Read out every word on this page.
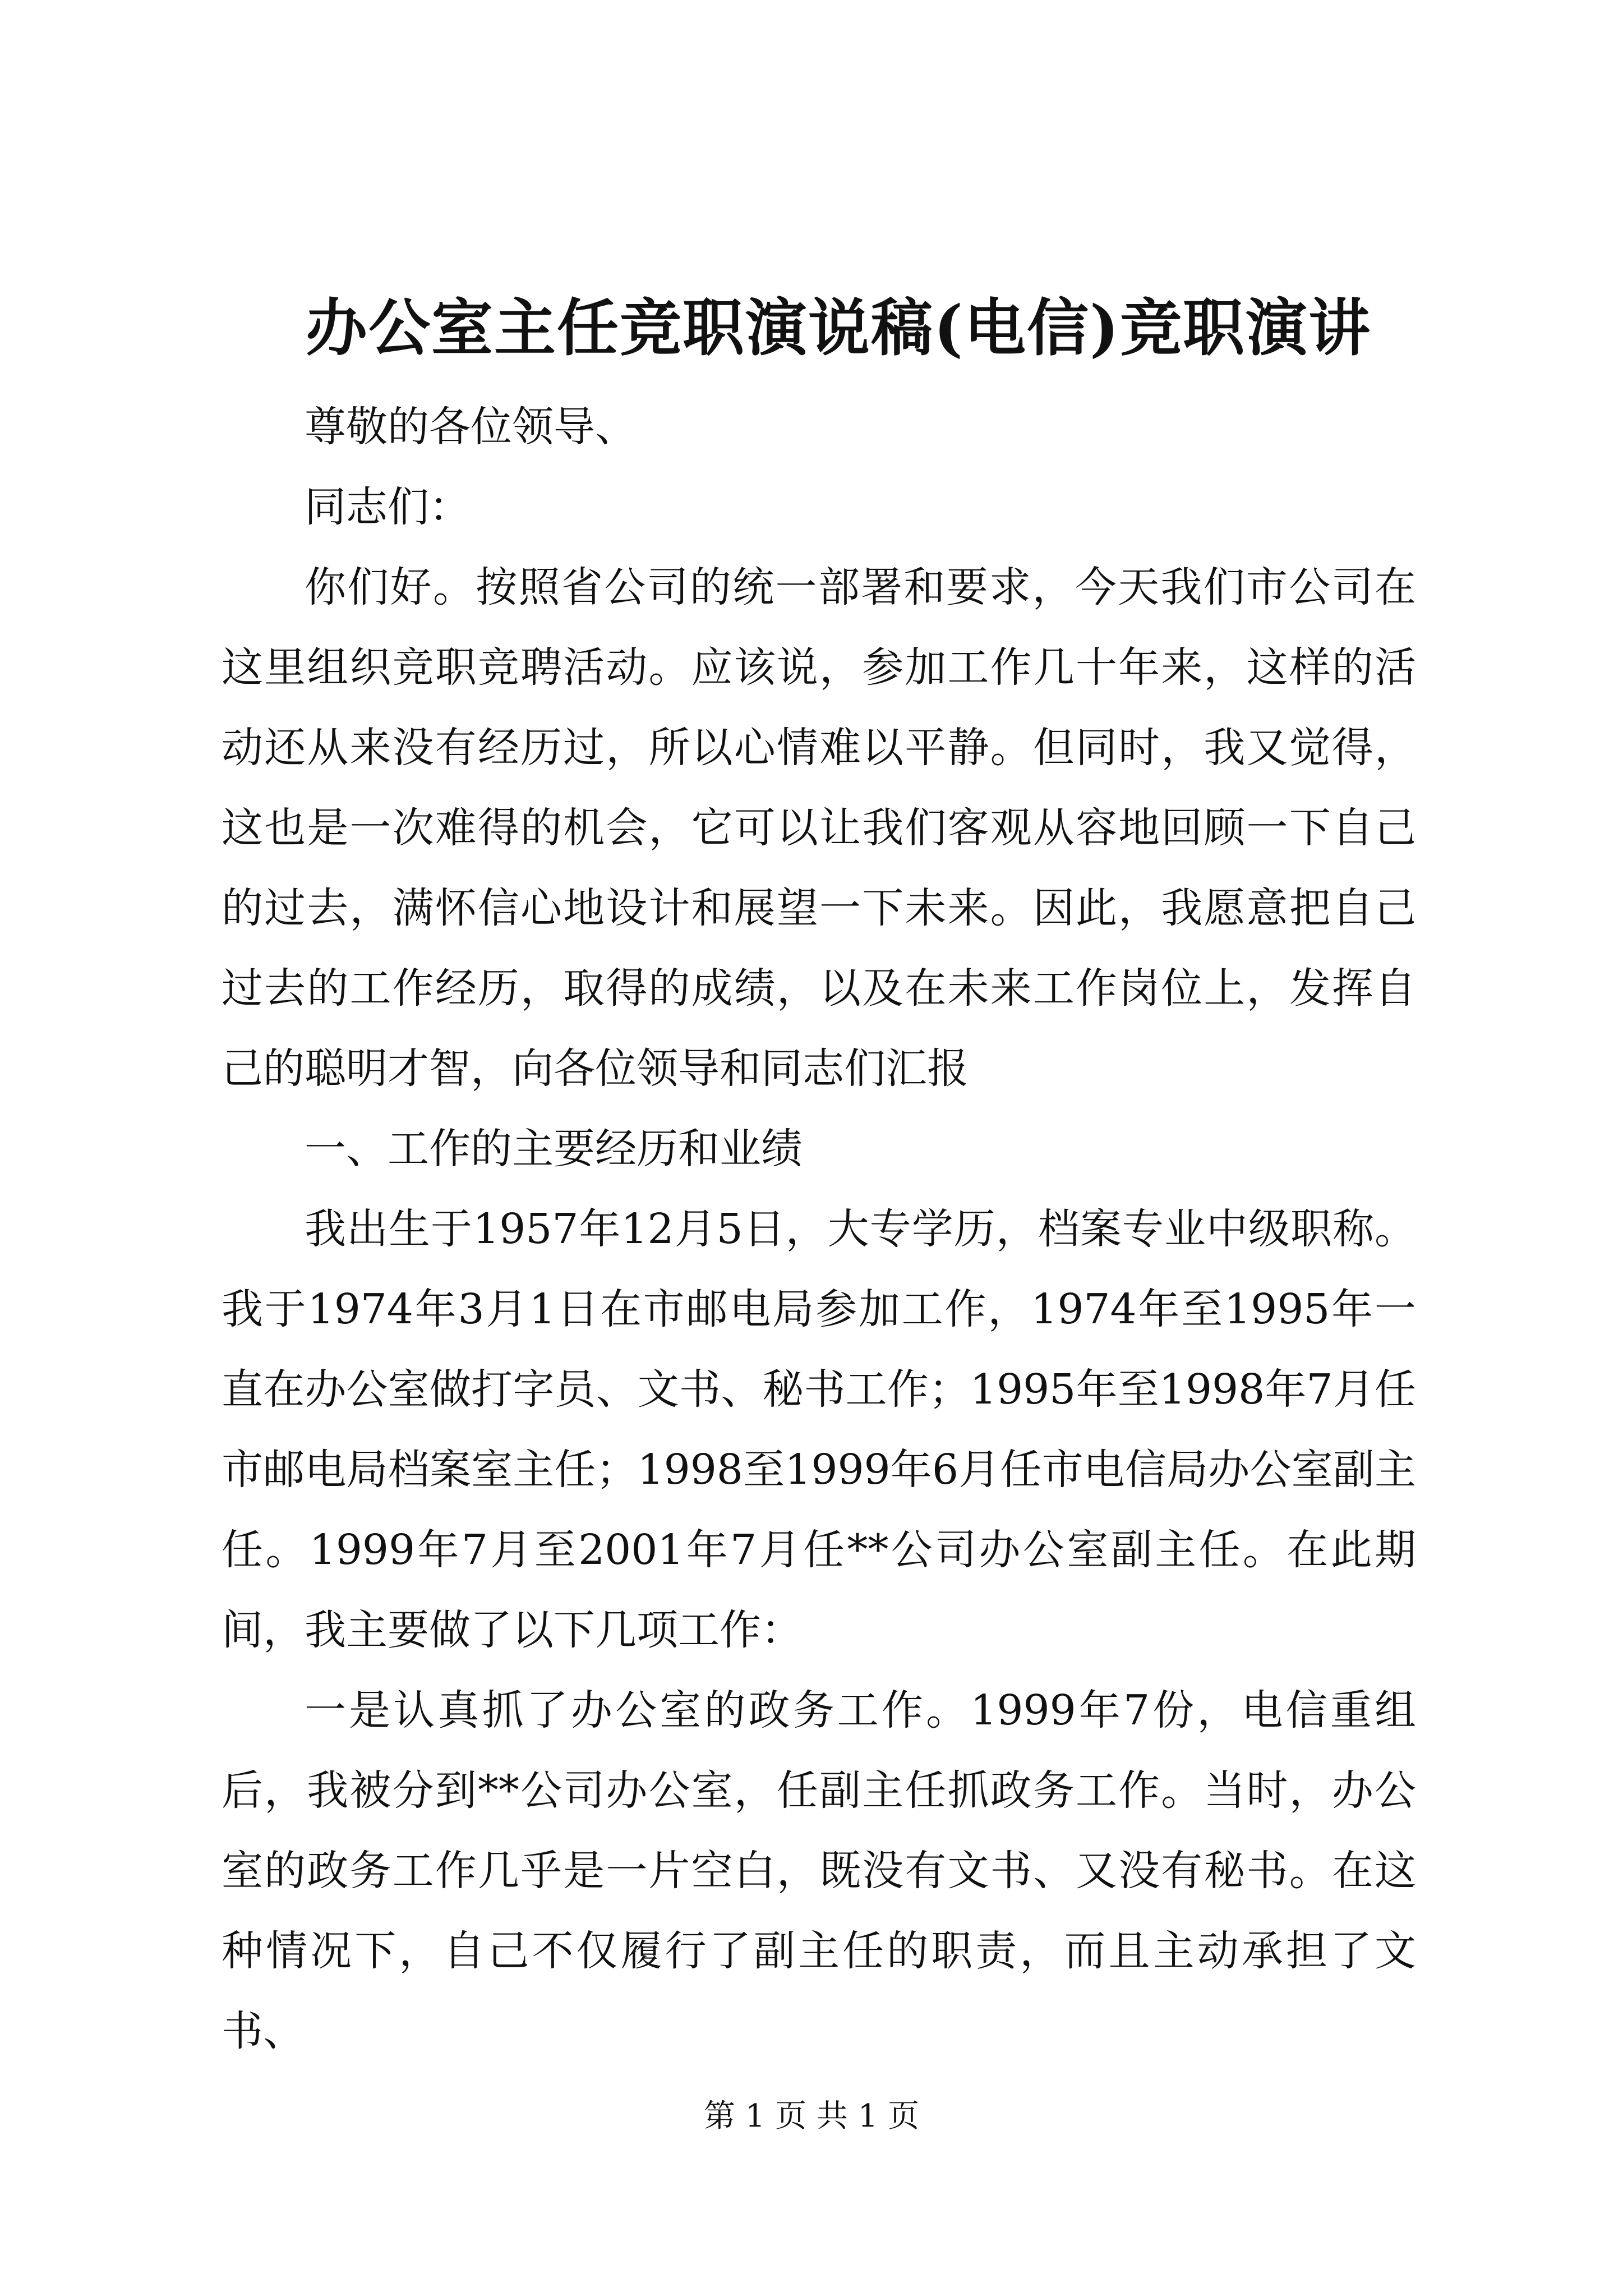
办公室主任竞职演说稿(电信)竞职演讲

尊敬的各位领导、

同志们：

你们好。按照省公司的统一部署和要求，今天我们市公司在这里组织竞职竞聘活动。应该说，参加工作几十年来，这样的活动还从来没有经历过，所以心情难以平静。但同时，我又觉得，这也是一次难得的机会，它可以让我们客观从容地回顾一下自己的过去，满怀信心地设计和展望一下未来。因此，我愿意把自己过去的工作经历，取得的成绩，以及在未来工作岗位上，发挥自己的聪明才智，向各位领导和同志们汇报

一、工作的主要经历和业绩

我出生于1957年12月5日，大专学历，档案专业中级职称。我于1974年3月1日在市邮电局参加工作，1974年至1995年一直在办公室做打字员、文书、秘书工作；1995年至1998年7月任市邮电局档案室主任；1998至1999年6月任市电信局办公室副主任。1999年7月至2001年7月任**公司办公室副主任。在此期间，我主要做了以下几项工作：

一是认真抓了办公室的政务工作。1999年7份，电信重组后，我被分到**公司办公室，任副主任抓政务工作。当时，办公室的政务工作几乎是一片空白，既没有文书、又没有秘书。在这种情况下，自己不仅履行了副主任的职责，而且主动承担了文书、

第 1 页 共 1 页
